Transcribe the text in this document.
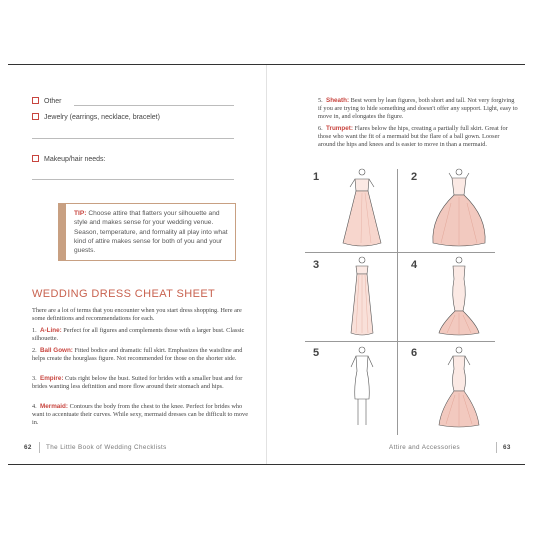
Other
Jewelry (earrings, necklace, bracelet)
Makeup/hair needs:
TIP: Choose attire that flatters your silhouette and style and makes sense for your wedding venue. Season, temperature, and formality all play into what kind of attire makes sense for both of you and your guests.
WEDDING DRESS CHEAT SHEET
There are a lot of terms that you encounter when you start dress shopping. Here are some definitions and recommendations for each.
1. A-Line: Perfect for all figures and complements those with a larger bust. Classic silhouette.
2. Ball Gown: Fitted bodice and dramatic full skirt. Emphasizes the waistline and helps create the hourglass figure. Not recommended for those on the shorter side.
3. Empire: Cuts right below the bust. Suited for brides with a smaller bust and for brides wanting less definition and more flow around their stomach and hips.
4. Mermaid: Contours the body from the chest to the knee. Perfect for brides who want to accentuate their curves. While sexy, mermaid dresses can be difficult to move in.
62 The Little Book of Wedding Checklists
5. Sheath: Best worn by lean figures, both short and tall. Not very forgiving if you are trying to hide something and doesn't offer any support. Light, easy to move in, and elongates the figure.
6. Trumpet: Flares below the hips, creating a partially full skirt. Great for those who want the fit of a mermaid but the flare of a ball gown. Looser around the hips and knees and is easier to move in than a mermaid.
1	2
3	4
5	6
Attire and Accessories	63
